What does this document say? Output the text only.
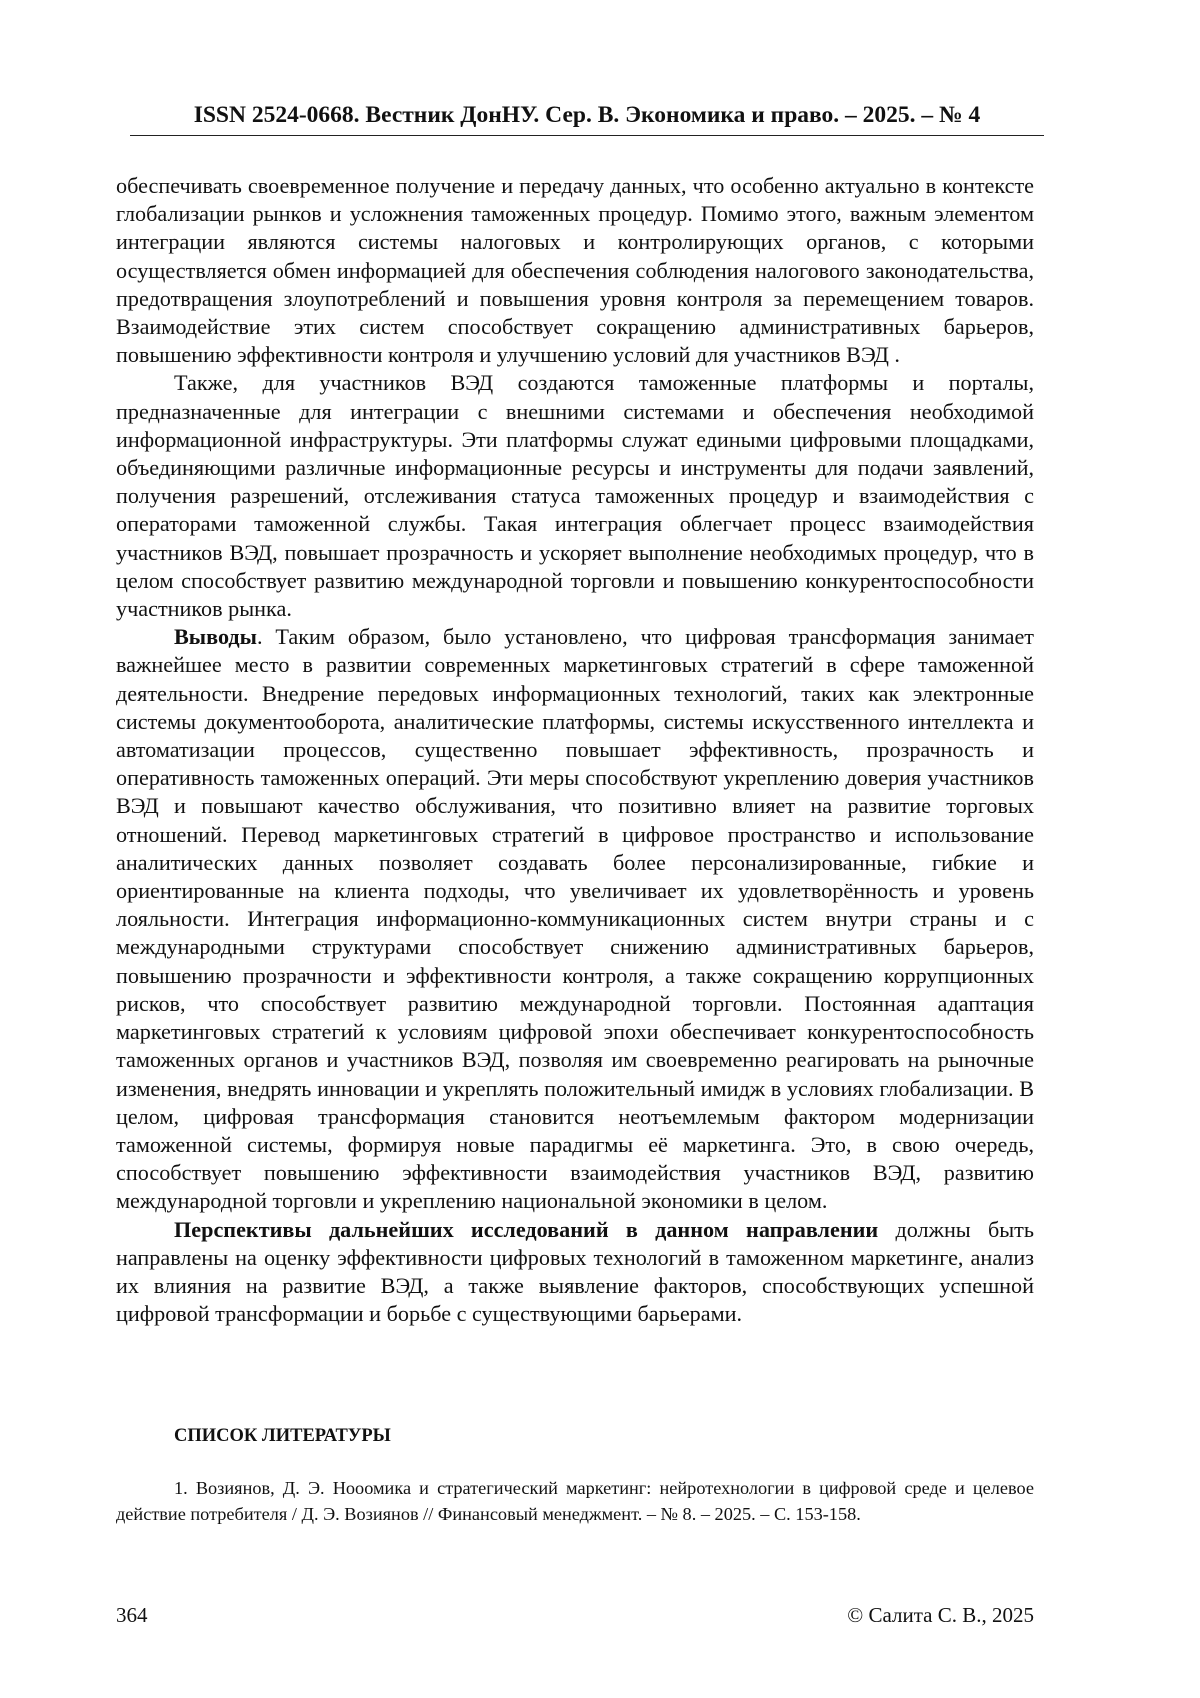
ISSN 2524-0668. Вестник ДонНУ. Сер. В. Экономика и право. – 2025. – № 4

обеспечивать своевременное получение и передачу данных, что особенно актуально в контексте глобализации рынков и усложнения таможенных процедур. Помимо этого, важным элементом интеграции являются системы налоговых и контролирующих органов, с которыми осуществляется обмен информацией для обеспечения соблюдения налогового законодательства, предотвращения злоупотреблений и повышения уровня контроля за перемещением товаров. Взаимодействие этих систем способствует сокращению административных барьеров, повышению эффективности контроля и улучшению условий для участников ВЭД .

Также, для участников ВЭД создаются таможенные платформы и порталы, предназначенные для интеграции с внешними системами и обеспечения необходимой информационной инфраструктуры. Эти платформы служат едиными цифровыми площадками, объединяющими различные информационные ресурсы и инструменты для подачи заявлений, получения разрешений, отслеживания статуса таможенных процедур и взаимодействия с операторами таможенной службы. Такая интеграция облегчает процесс взаимодействия участников ВЭД, повышает прозрачность и ускоряет выполнение необходимых процедур, что в целом способствует развитию международной торговли и повышению конкурентоспособности участников рынка.

Выводы. Таким образом, было установлено, что цифровая трансформация занимает важнейшее место в развитии современных маркетинговых стратегий в сфере таможенной деятельности. Внедрение передовых информационных технологий, таких как электронные системы документооборота, аналитические платформы, системы искусственного интеллекта и автоматизации процессов, существенно повышает эффективность, прозрачность и оперативность таможенных операций. Эти меры способствуют укреплению доверия участников ВЭД и повышают качество обслуживания, что позитивно влияет на развитие торговых отношений. Перевод маркетинговых стратегий в цифровое пространство и использование аналитических данных позволяет создавать более персонализированные, гибкие и ориентированные на клиента подходы, что увеличивает их удовлетворённость и уровень лояльности. Интеграция информационно-коммуникационных систем внутри страны и с международными структурами способствует снижению административных барьеров, повышению прозрачности и эффективности контроля, а также сокращению коррупционных рисков, что способствует развитию международной торговли. Постоянная адаптация маркетинговых стратегий к условиям цифровой эпохи обеспечивает конкурентоспособность таможенных органов и участников ВЭД, позволяя им своевременно реагировать на рыночные изменения, внедрять инновации и укреплять положительный имидж в условиях глобализации. В целом, цифровая трансформация становится неотъемлемым фактором модернизации таможенной системы, формируя новые парадигмы её маркетинга. Это, в свою очередь, способствует повышению эффективности взаимодействия участников ВЭД, развитию международной торговли и укреплению национальной экономики в целом.

Перспективы дальнейших исследований в данном направлении должны быть направлены на оценку эффективности цифровых технологий в таможенном маркетинге, анализ их влияния на развитие ВЭД, а также выявление факторов, способствующих успешной цифровой трансформации и борьбе с существующими барьерами.

СПИСОК ЛИТЕРАТУРЫ

1. Возиянов, Д. Э. Нооомика и стратегический маркетинг: нейротехнологии в цифровой среде и целевое действие потребителя / Д. Э. Возиянов // Финансовый менеджмент. – № 8. – 2025. – С. 153-158.

364	© Салита С. В., 2025
